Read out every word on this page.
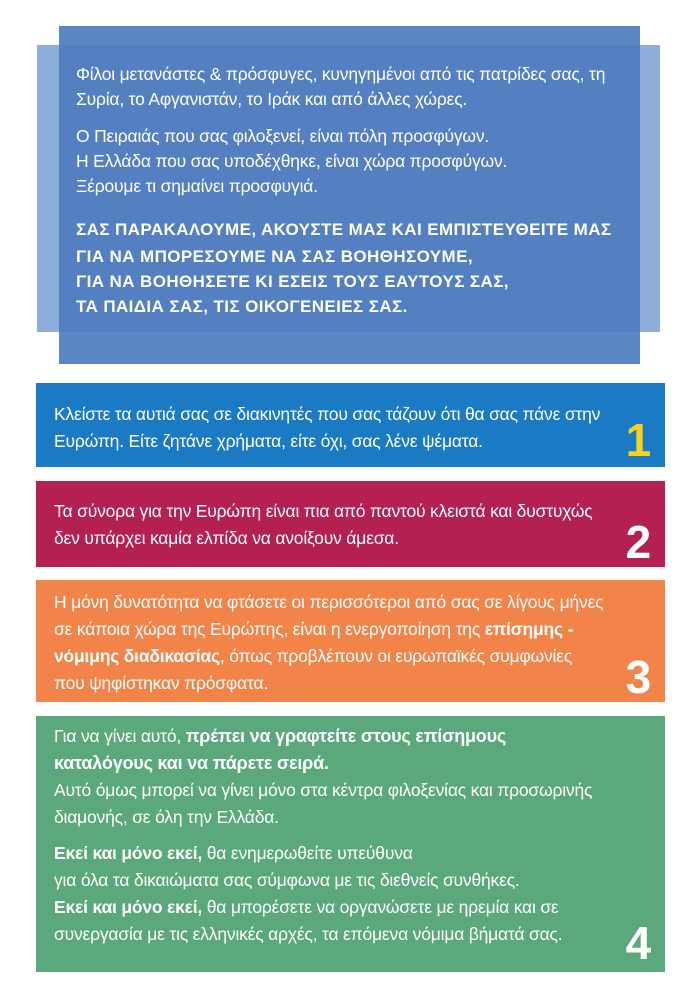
Φίλοι μετανάστες & πρόσφυγες, κυνηγημένοι από τις πατρίδες σας, τη Συρία, το Αφγανιστάν, το Ιράκ και από άλλες χώρες.

Ο Πειραιάς που σας φιλοξενεί, είναι πόλη προσφύγων.
Η Ελλάδα που σας υποδέχθηκε, είναι χώρα προσφύγων.
Ξέρουμε τι σημαίνει προσφυγιά.

ΣΑΣ ΠΑΡΑΚΑΛΟΥΜΕ, ΑΚΟΥΣΤΕ ΜΑΣ ΚΑΙ ΕΜΠΙΣΤΕΥΘΕΙΤΕ ΜΑΣ
ΓΙΑ ΝΑ ΜΠΟΡΕΣΟΥΜΕ ΝΑ ΣΑΣ ΒΟΗΘΗΣΟΥΜΕ,
ΓΙΑ ΝΑ ΒΟΗΘΗΣΕΤΕ ΚΙ ΕΣΕΙΣ ΤΟΥΣ ΕΑΥΤΟΥΣ ΣΑΣ,
ΤΑ ΠΑΙΔΙΑ ΣΑΣ, ΤΙΣ ΟΙΚΟΓΕΝΕΙΕΣ ΣΑΣ.
Κλείστε τα αυτιά σας σε διακινητές που σας τάζουν ότι θα σας πάνε στην Ευρώπη. Είτε ζητάνε χρήματα, είτε όχι, σας λένε ψέματα.	1
Τα σύνορα για την Ευρώπη είναι πια από παντού κλειστά και δυστυχώς δεν υπάρχει καμία ελπίδα να ανοίξουν άμεσα.	2
Η μόνη δυνατότητα να φτάσετε οι περισσότεροι από σας σε λίγους μήνες σε κάποια χώρα της Ευρώπης, είναι η ενεργοποίηση της επίσημης - νόμιμης διαδικασίας, όπως προβλέπουν οι ευρωπαϊκές συμφωνίες που ψηφίστηκαν πρόσφατα.	3

Για να γίνει αυτό, πρέπει να γραφτείτε στους επίσημους καταλόγους και να πάρετε σειρά.

Αυτό όμως μπορεί να γίνει μόνο στα κέντρα φιλοξενίας και προσωρινής διαμονής, σε όλη την Ελλάδα.

Εκεί και μόνο εκεί, θα ενημερωθείτε υπεύθυνα
για όλα τα δικαιώματα σας σύμφωνα με τις διεθνείς συνθήκες.

Εκεί και μόνο εκεί, θα μπορέσετε να οργανώσετε με ηρεμία και σε συνεργασία με τις ελληνικές αρχές, τα επόμενα νόμιμα βήματά σας.	4
